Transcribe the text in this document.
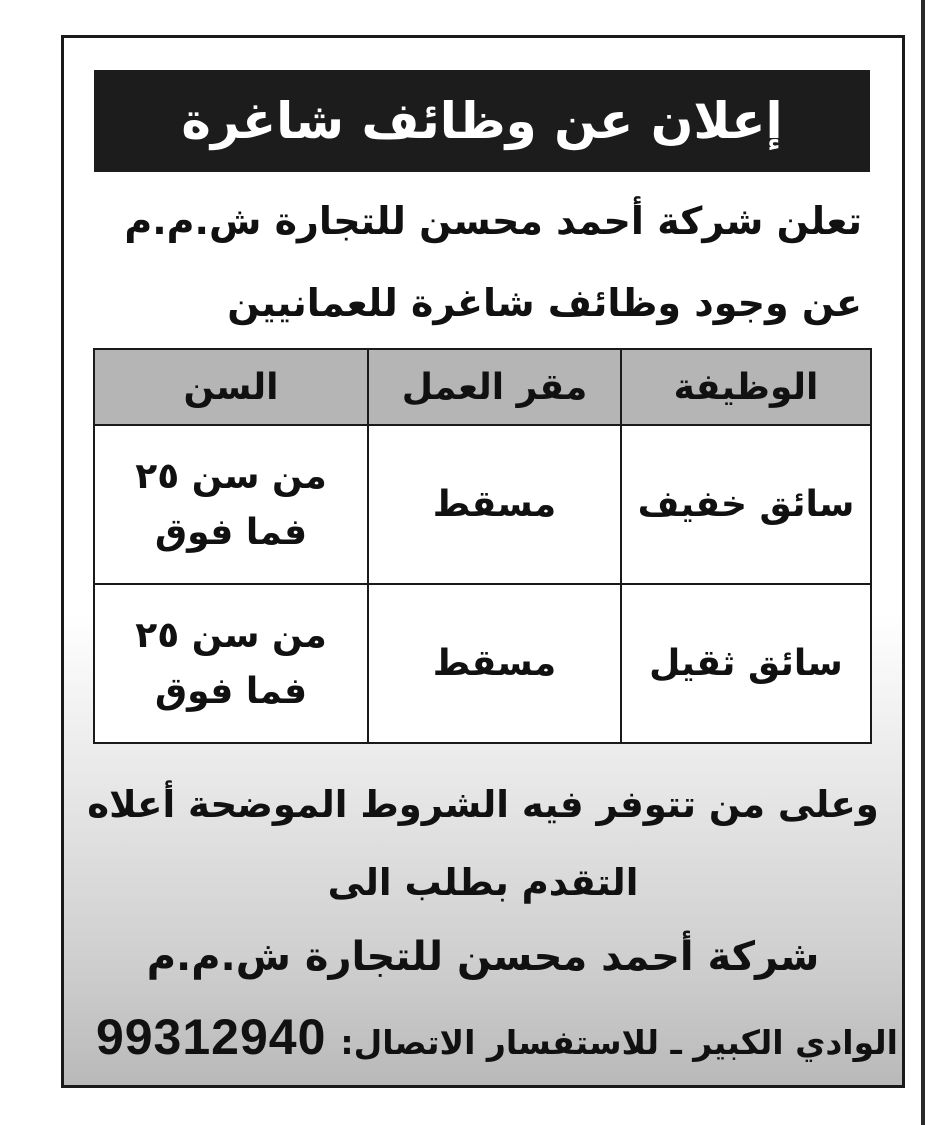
إعلان عن وظائف شاغرة
تعلن شركة أحمد محسن للتجارة ش.م.م
عن وجود وظائف شاغرة للعمانيين
الوظيفة	مقر العمل	السن
سائق خفيف	مسقط	من سن ٢٥
فما فوق

سائق ثقيل	مسقط	من سن ٢٥
فما فوق
وعلى من تتوفر فيه الشروط الموضحة أعلاه
التقدم بطلب الى
شركة أحمد محسن للتجارة ش.م.م
الوادي الكبير ـ للاستفسار الاتصال:
99312940
